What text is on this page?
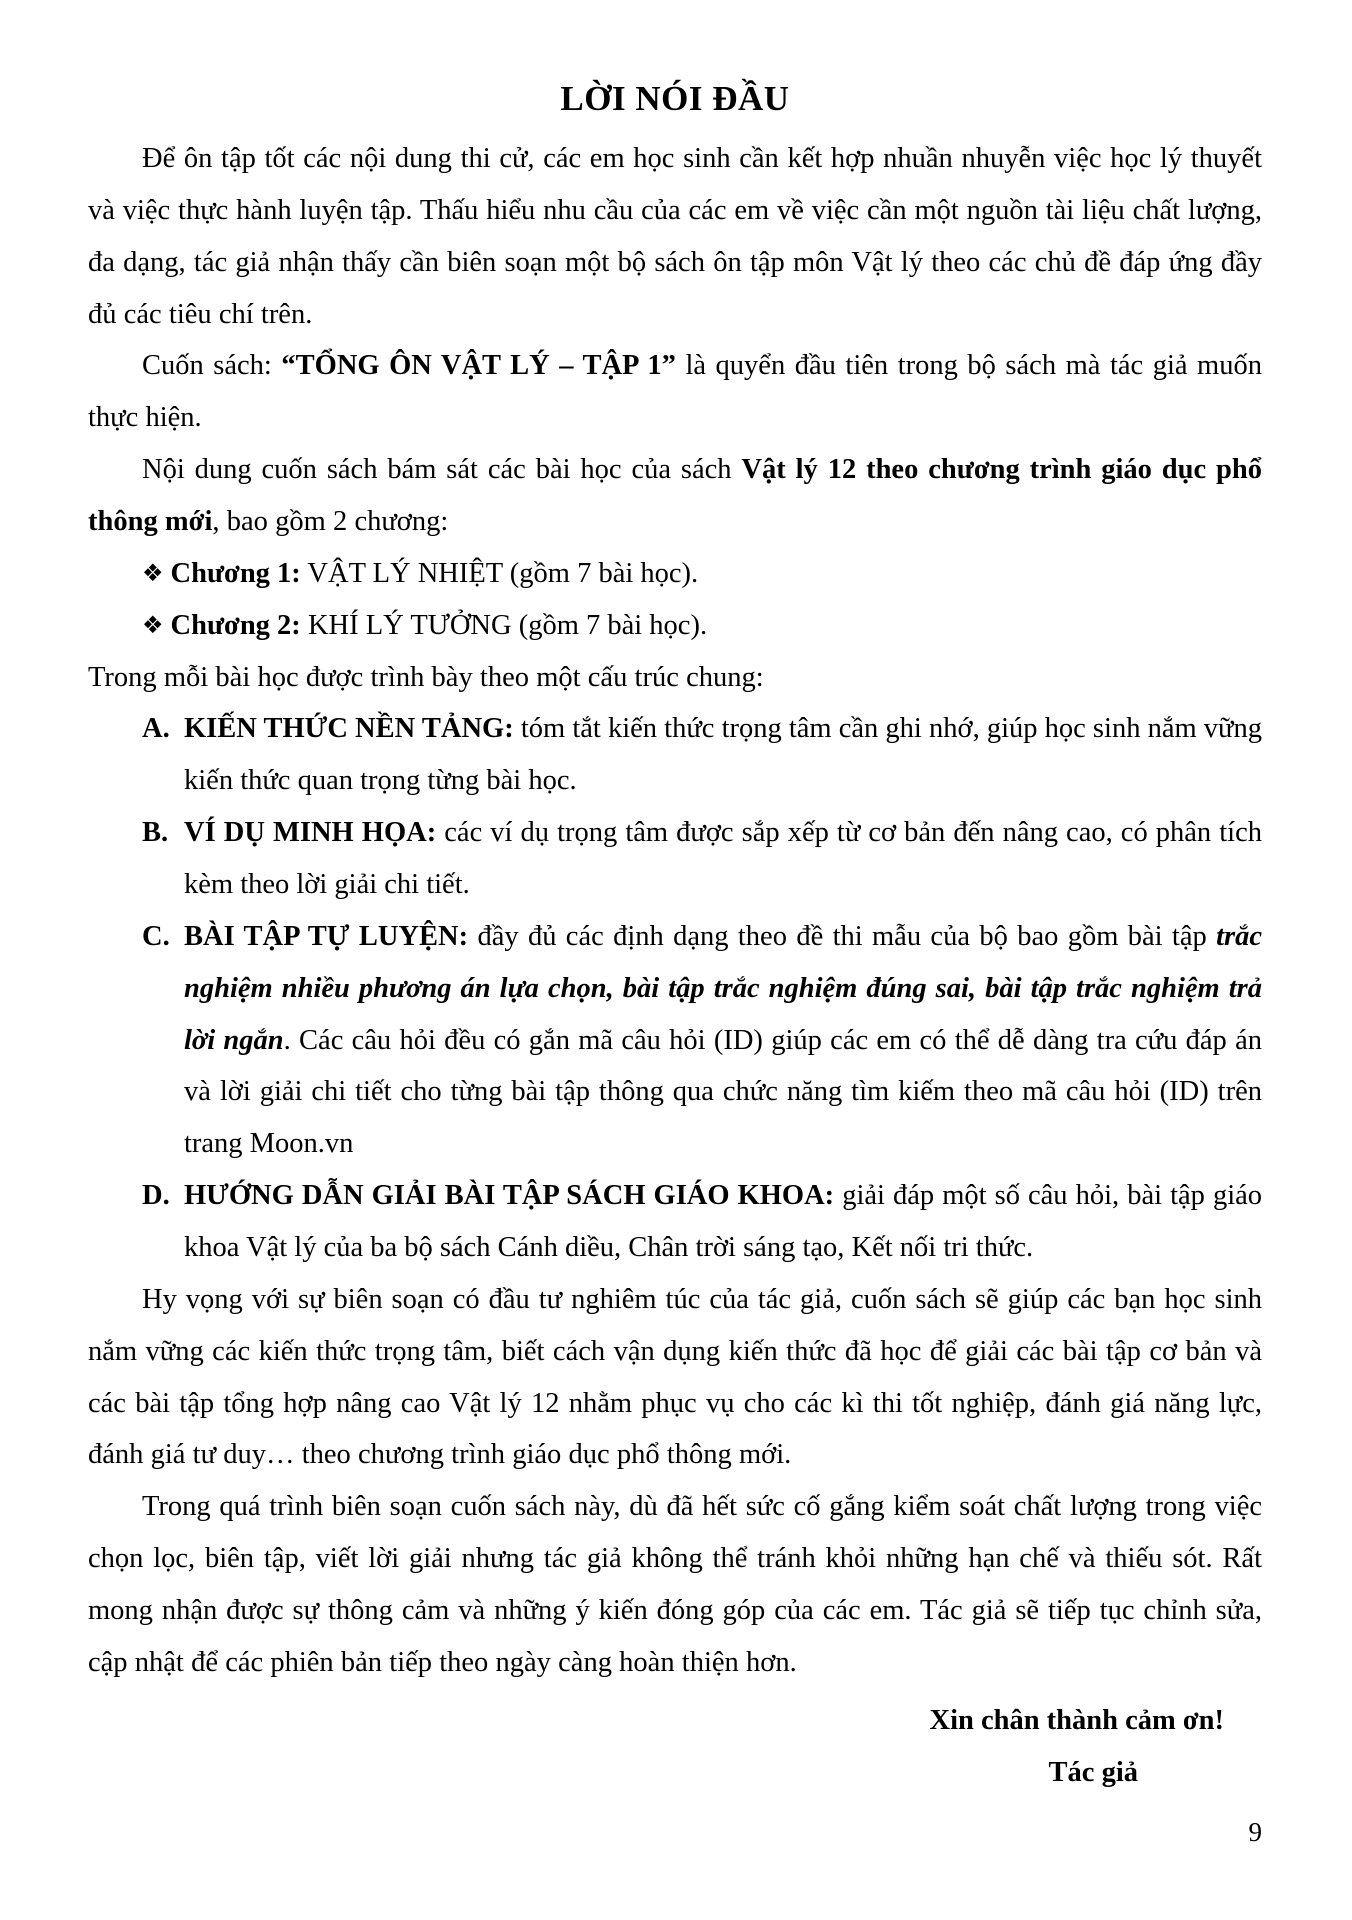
LỜI NÓI ĐẦU

Để ôn tập tốt các nội dung thi cử, các em học sinh cần kết hợp nhuần nhuyễn việc học lý thuyết và việc thực hành luyện tập. Thấu hiểu nhu cầu của các em về việc cần một nguồn tài liệu chất lượng, đa dạng, tác giả nhận thấy cần biên soạn một bộ sách ôn tập môn Vật lý theo các chủ đề đáp ứng đầy đủ các tiêu chí trên.

Cuốn sách: “TỔNG ÔN VẬT LÝ – TẬP 1” là quyển đầu tiên trong bộ sách mà tác giả muốn thực hiện.

Nội dung cuốn sách bám sát các bài học của sách Vật lý 12 theo chương trình giáo dục phổ thông mới, bao gồm 2 chương:

❖ Chương 1: VẬT LÝ NHIỆT (gồm 7 bài học).

❖ Chương 2: KHÍ LÝ TƯỞNG (gồm 7 bài học).

Trong mỗi bài học được trình bày theo một cấu trúc chung:

A. KIẾN THỨC NỀN TẢNG: tóm tắt kiến thức trọng tâm cần ghi nhớ, giúp học sinh nắm vững kiến thức quan trọng từng bài học.
B. VÍ DỤ MINH HỌA: các ví dụ trọng tâm được sắp xếp từ cơ bản đến nâng cao, có phân tích kèm theo lời giải chi tiết.
C. BÀI TẬP TỰ LUYỆN: đầy đủ các định dạng theo đề thi mẫu của bộ bao gồm bài tập trắc nghiệm nhiều phương án lựa chọn, bài tập trắc nghiệm đúng sai, bài tập trắc nghiệm trả lời ngắn. Các câu hỏi đều có gắn mã câu hỏi (ID) giúp các em có thể dễ dàng tra cứu đáp án và lời giải chi tiết cho từng bài tập thông qua chức năng tìm kiếm theo mã câu hỏi (ID) trên trang Moon.vn
D. HƯỚNG DẪN GIẢI BÀI TẬP SÁCH GIÁO KHOA: giải đáp một số câu hỏi, bài tập giáo khoa Vật lý của ba bộ sách Cánh diều, Chân trời sáng tạo, Kết nối tri thức.

Hy vọng với sự biên soạn có đầu tư nghiêm túc của tác giả, cuốn sách sẽ giúp các bạn học sinh nắm vững các kiến thức trọng tâm, biết cách vận dụng kiến thức đã học để giải các bài tập cơ bản và các bài tập tổng hợp nâng cao Vật lý 12 nhằm phục vụ cho các kì thi tốt nghiệp, đánh giá năng lực, đánh giá tư duy… theo chương trình giáo dục phổ thông mới.

Trong quá trình biên soạn cuốn sách này, dù đã hết sức cố gắng kiểm soát chất lượng trong việc chọn lọc, biên tập, viết lời giải nhưng tác giả không thể tránh khỏi những hạn chế và thiếu sót. Rất mong nhận được sự thông cảm và những ý kiến đóng góp của các em. Tác giả sẽ tiếp tục chỉnh sửa, cập nhật để các phiên bản tiếp theo ngày càng hoàn thiện hơn.

Xin chân thành cảm ơn!

Tác giả

9
